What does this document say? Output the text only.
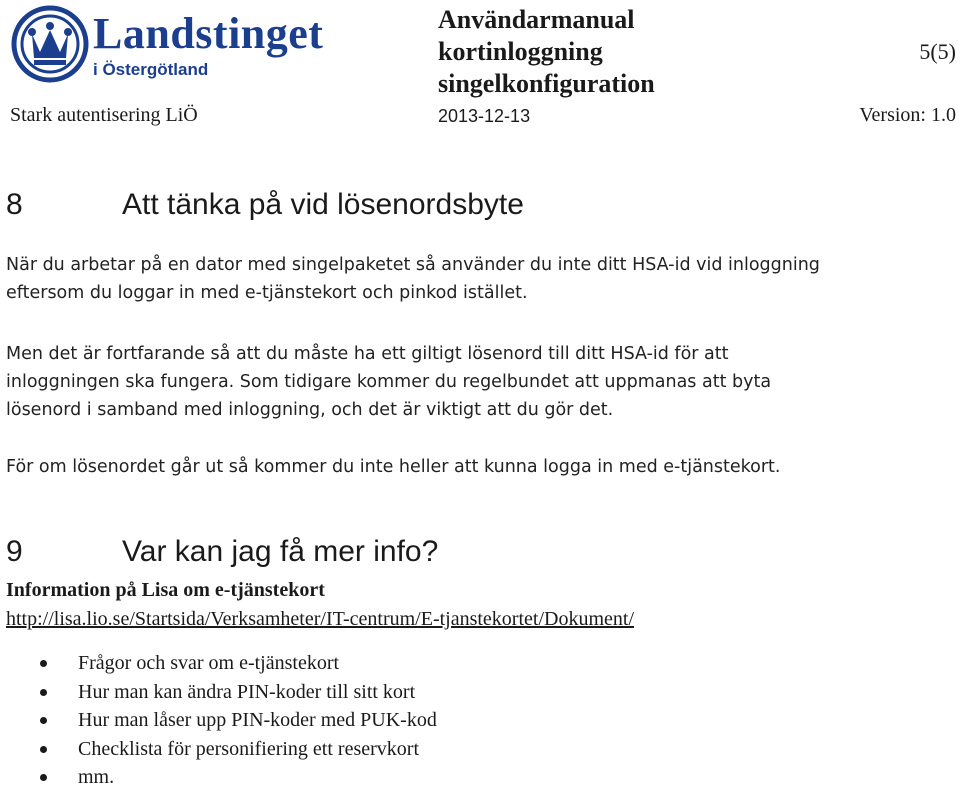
Landstinget
i Östergötland
Användarmanual
kortinloggning
singelkonfiguration
5(5)
Stark autentisering LiÖ	2013-12-13	Version: 1.0
8	Att tänka på vid lösenordsbyte
När du arbetar på en dator med singelpaketet så använder du inte ditt HSA-id vid inloggning
eftersom du loggar in med e-tjänstekort och pinkod istället.
Men det är fortfarande så att du måste ha ett giltigt lösenord till ditt HSA-id för att
inloggningen ska fungera. Som tidigare kommer du regelbundet att uppmanas att byta
lösenord i samband med inloggning, och det är viktigt att du gör det.
För om lösenordet går ut så kommer du inte heller att kunna logga in med e-tjänstekort.
9	Var kan jag få mer info?
Information på Lisa om e-tjänstekort
http://lisa.lio.se/Startsida/Verksamheter/IT-centrum/E-tjanstekortet/Dokument/
Frågor och svar om e-tjänstekort
Hur man kan ändra PIN-koder till sitt kort
Hur man låser upp PIN-koder med PUK-kod
Checklista för personifiering ett reservkort
mm.
